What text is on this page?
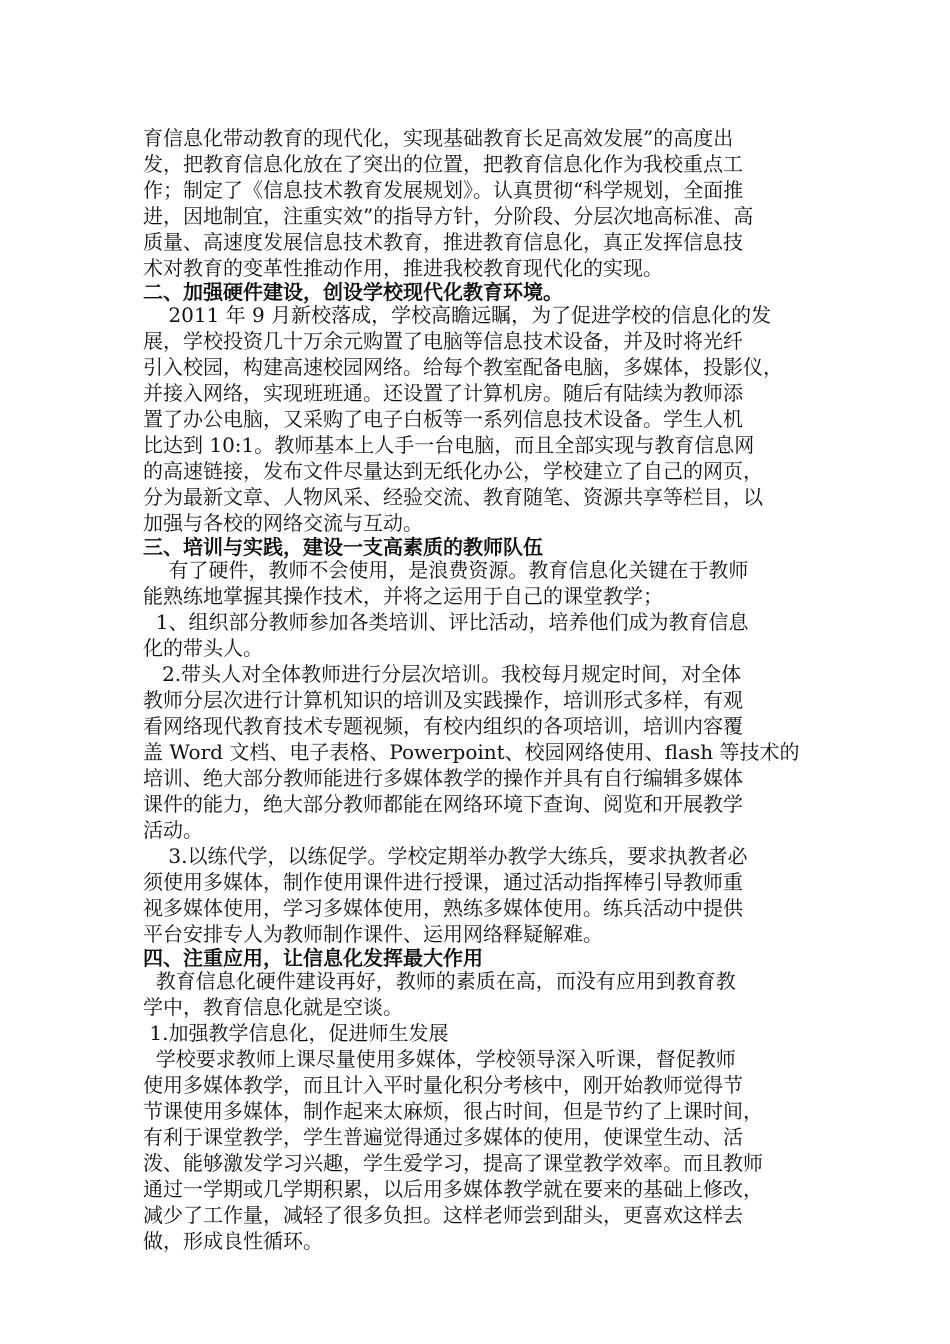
育信息化带动教育的现代化，实现基础教育长足高效发展”的高度出
发，把教育信息化放在了突出的位置，把教育信息化作为我校重点工
作；制定了《信息技术教育发展规划》。认真贯彻“科学规划，全面推
进，因地制宜，注重实效”的指导方针，分阶段、分层次地高标准、高
质量、高速度发展信息技术教育，推进教育信息化，真正发挥信息技
术对教育的变革性推动作用，推进我校教育现代化的实现。
二、加强硬件建设，创设学校现代化教育环境。
2011 年 9 月新校落成，学校高瞻远瞩，为了促进学校的信息化的发
展，学校投资几十万余元购置了电脑等信息技术设备，并及时将光纤
引入校园，构建高速校园网络。给每个教室配备电脑，多媒体，投影仪，
并接入网络，实现班班通。还设置了计算机房。随后有陆续为教师添
置了办公电脑，又采购了电子白板等一系列信息技术设备。学生人机
比达到 10:1。教师基本上人手一台电脑，而且全部实现与教育信息网
的高速链接，发布文件尽量达到无纸化办公，学校建立了自己的网页，
分为最新文章、人物风采、经验交流、教育随笔、资源共享等栏目，以
加强与各校的网络交流与互动。
三、培训与实践，建设一支高素质的教师队伍
有了硬件，教师不会使用，是浪费资源。教育信息化关键在于教师
能熟练地掌握其操作技术，并将之运用于自己的课堂教学；
1、组织部分教师参加各类培训、评比活动，培养他们成为教育信息
化的带头人。
2.带头人对全体教师进行分层次培训。我校每月规定时间，对全体
教师分层次进行计算机知识的培训及实践操作，培训形式多样，有观
看网络现代教育技术专题视频，有校内组织的各项培训，培训内容覆
盖 Word 文档、电子表格、Powerpoint、校园网络使用、flash 等技术的
培训、绝大部分教师能进行多媒体教学的操作并具有自行编辑多媒体
课件的能力，绝大部分教师都能在网络环境下查询、阅览和开展教学
活动。
3.以练代学，以练促学。学校定期举办教学大练兵，要求执教者必
须使用多媒体，制作使用课件进行授课，通过活动指挥棒引导教师重
视多媒体使用，学习多媒体使用，熟练多媒体使用。练兵活动中提供
平台安排专人为教师制作课件、运用网络释疑解难。
四、注重应用，让信息化发挥最大作用
教育信息化硬件建设再好，教师的素质在高，而没有应用到教育教
学中，教育信息化就是空谈。
1.加强教学信息化，促进师生发展
学校要求教师上课尽量使用多媒体，学校领导深入听课，督促教师
使用多媒体教学，而且计入平时量化积分考核中，刚开始教师觉得节
节课使用多媒体，制作起来太麻烦，很占时间，但是节约了上课时间，
有利于课堂教学，学生普遍觉得通过多媒体的使用，使课堂生动、活
泼、能够激发学习兴趣，学生爱学习，提高了课堂教学效率。而且教师
通过一学期或几学期积累，以后用多媒体教学就在要来的基础上修改，
减少了工作量，减轻了很多负担。这样老师尝到甜头，更喜欢这样去
做，形成良性循环。
